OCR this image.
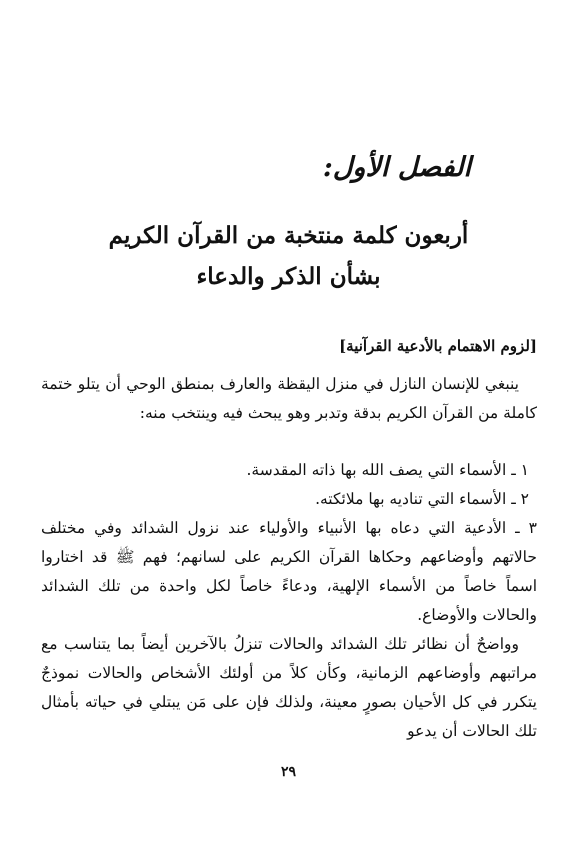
الفصل الأول:
أربعون كلمة منتخبة من القرآن الكريم
بشأن الذكر والدعاء
[لزوم الاهتمام بالأدعية القرآنية]

ينبغي للإنسان النازل في منزل اليقظة والعارف بمنطق الوحي أن يتلو ختمة كاملة من القرآن الكريم بدقة وتدبر وهو يبحث فيه وينتخب منه:

١ ـ الأسماء التي يصف الله بها ذاته المقدسة.
٢ ـ الأسماء التي تناديه بها ملائكته.

٣ ـ الأدعية التي دعاه بها الأنبياء والأولياء عند نزول الشدائد وفي مختلف حالاتهم وأوضاعهم وحكاها القرآن الكريم على لسانهم؛ فهم ﷺ قد اختاروا اسماً خاصاً من الأسماء الإلهية، ودعاءً خاصاً لكل واحدة من تلك الشدائد والحالات والأوضاع.

وواضحٌ أن نظائر تلك الشدائد والحالات تنزلُ بالآخرين أيضاً بما يتناسب مع مراتبهم وأوضاعهم الزمانية، وكأن كلاً من أولئك الأشخاص والحالات نموذجٌ يتكرر في كل الأحيان بصورٍ معينة، ولذلك فإن على مَن يبتلي في حياته بأمثال تلك الحالات أن يدعو

٢٩
